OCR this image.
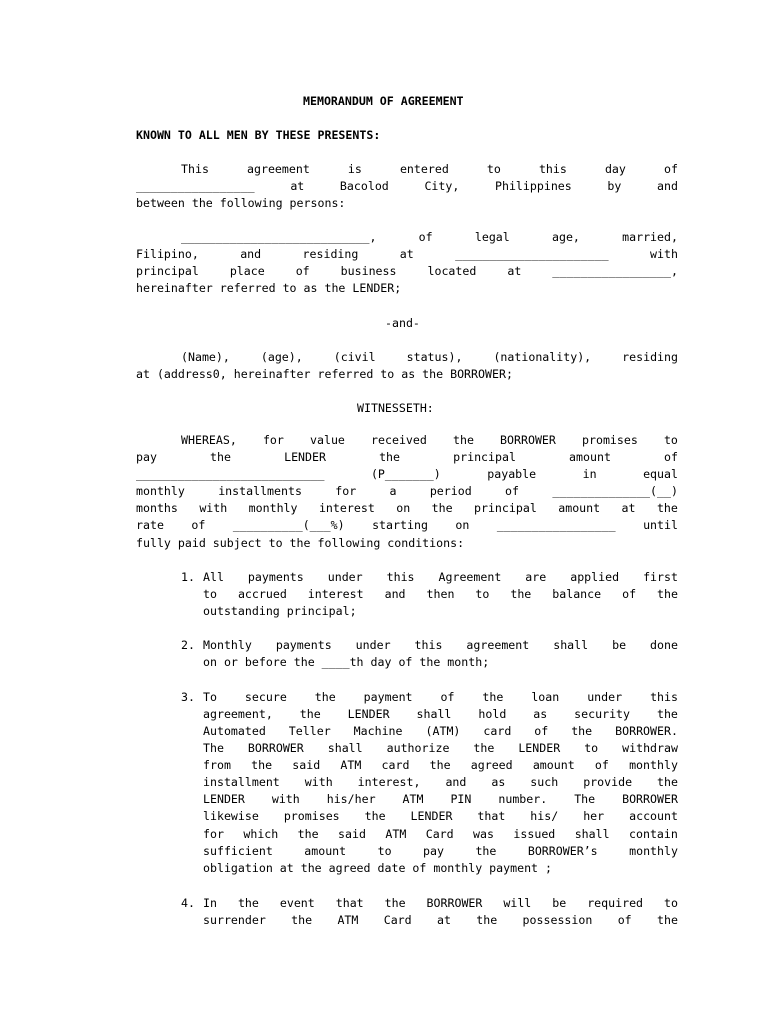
MEMORANDUM OF AGREEMENT
KNOWN TO ALL MEN BY THESE PRESENTS:
This	agreement	is	entered	to	this	day	of
_________________	at	Bacolod	City,	Philippines	by	and
between the following persons:
___________________________,	of	legal	age,	married,
Filipino,	and	residing	at	______________________	with
principal	place	of	business	located	at	_________________,
hereinafter referred to as the LENDER;
-and-
(Name),	(age),	(civil	status),	(nationality),	residing
at (address0, hereinafter referred to as the BORROWER;
WITNESSETH:
WHEREAS, for value received the BORROWER promises to
pay	the	LENDER	the	principal	amount	of
___________________________	(P_______)	payable	in	equal
monthly	installments	for	a	period	of	______________(__)
months with monthly interest on the principal amount at the
rate of __________(___%) starting on _________________ until
fully paid subject to the following conditions:
1. All payments under this Agreement are applied first
to accrued interest and then to the balance of the
outstanding principal;
2. Monthly payments under this agreement shall be done
on or before the ____th day of the month;
3. To secure the payment of the loan under this
agreement, the LENDER shall hold as security the
Automated Teller Machine (ATM) card of the BORROWER.
The BORROWER shall authorize the LENDER to withdraw
from the said ATM card the agreed amount of monthly
installment with interest, and as such provide the
LENDER with his/her ATM PIN number. The BORROWER
likewise promises the LENDER that his/ her account
for which the said ATM Card was issued shall contain
sufficient	amount	to	pay	the	BORROWER’s	monthly
obligation at the agreed date of monthly payment ;
4. In the event that the BORROWER will be required to
surrender the ATM Card at the possession of the
